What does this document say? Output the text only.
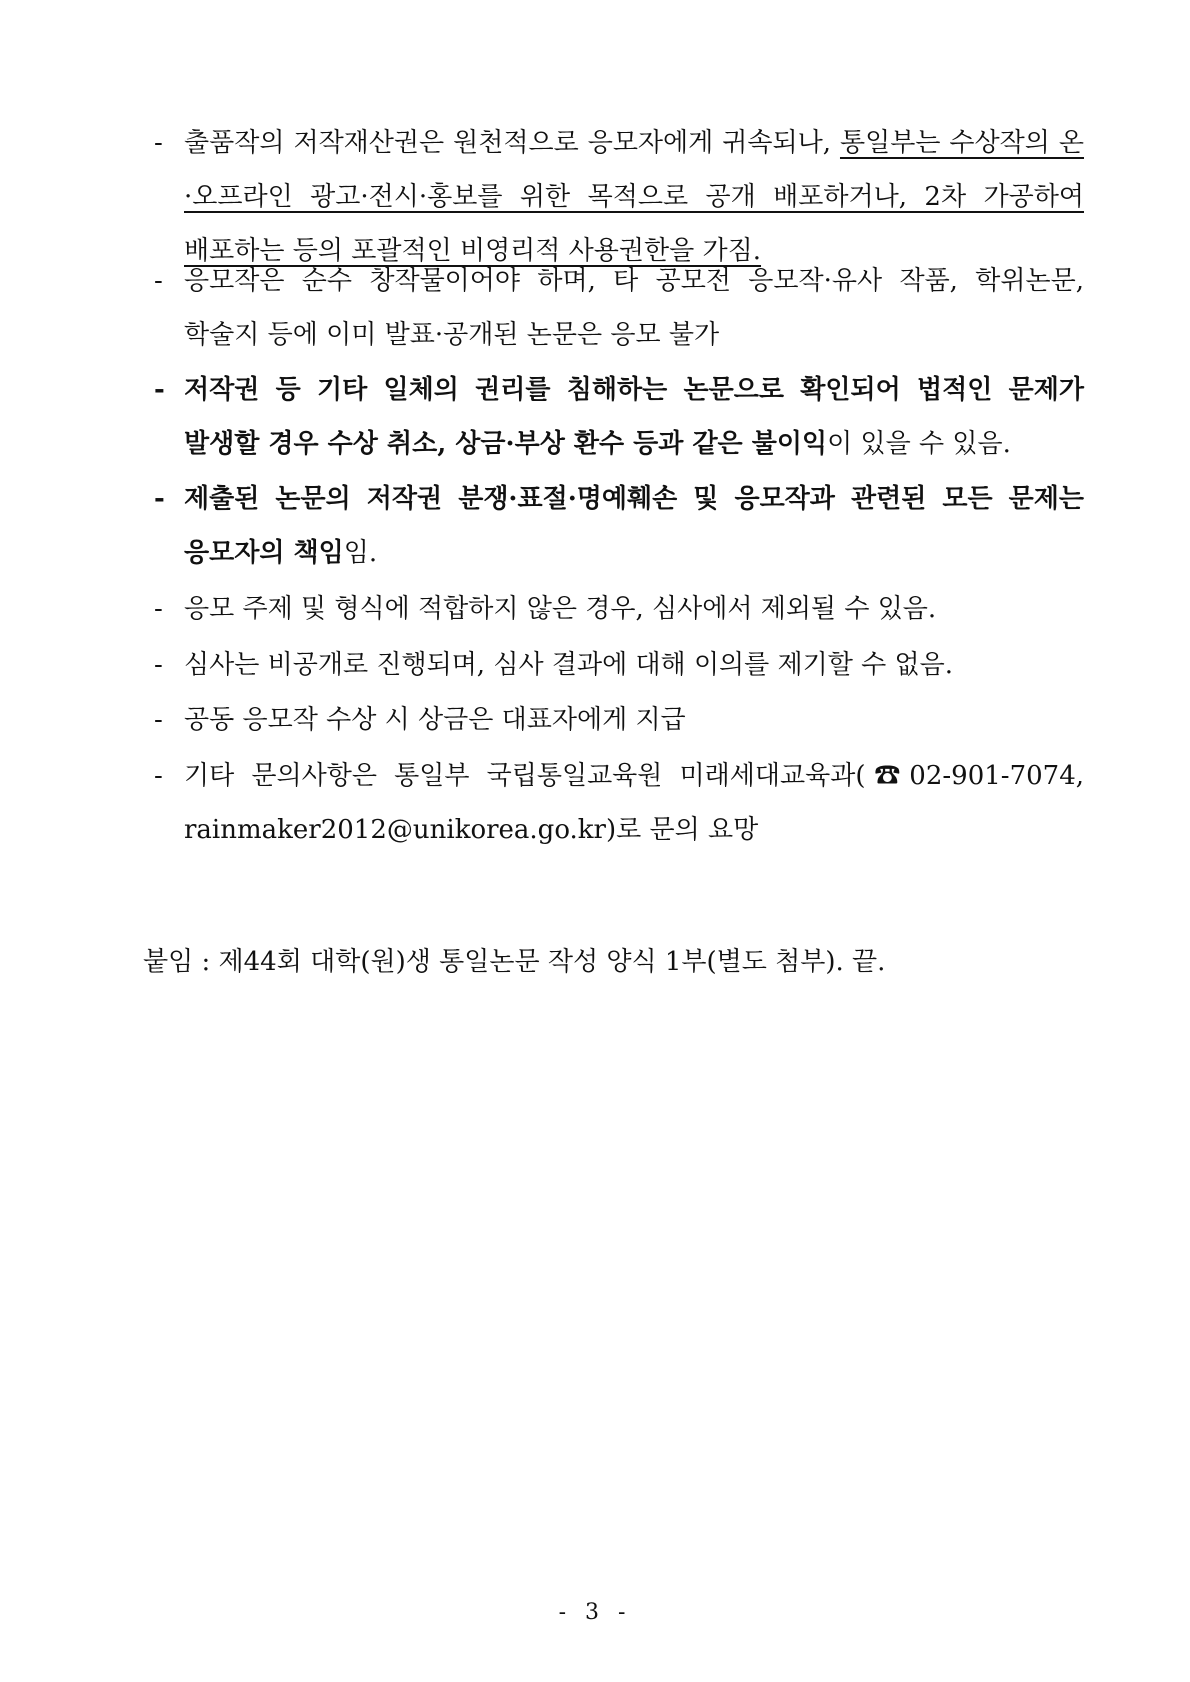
- 출품작의 저작재산권은 원천적으로 응모자에게 귀속되나, 통일부는 수상작의 온·오프라인 광고·전시·홍보를 위한 목적으로 공개 배포하거나, 2차 가공하여 배포하는 등의 포괄적인 비영리적 사용권한을 가짐.
- 응모작은 순수 창작물이어야 하며, 타 공모전 응모작·유사 작품, 학위논문, 학술지 등에 이미 발표·공개된 논문은 응모 불가
- 저작권 등 기타 일체의 권리를 침해하는 논문으로 확인되어 법적인 문제가 발생할 경우 수상 취소, 상금·부상 환수 등과 같은 불이익이 있을 수 있음.
- 제출된 논문의 저작권 분쟁·표절·명예훼손 및 응모작과 관련된 모든 문제는 응모자의 책임임.
- 응모 주제 및 형식에 적합하지 않은 경우, 심사에서 제외될 수 있음.
- 심사는 비공개로 진행되며, 심사 결과에 대해 이의를 제기할 수 없음.
- 공동 응모작 수상 시 상금은 대표자에게 지급
- 기타 문의사항은 통일부 국립통일교육원 미래세대교육과(☎02-901-7074, rainmaker2012@unikorea.go.kr)로 문의 요망
붙임 : 제44회 대학(원)생 통일논문 작성 양식 1부(별도 첨부). 끝.
- 3 -
